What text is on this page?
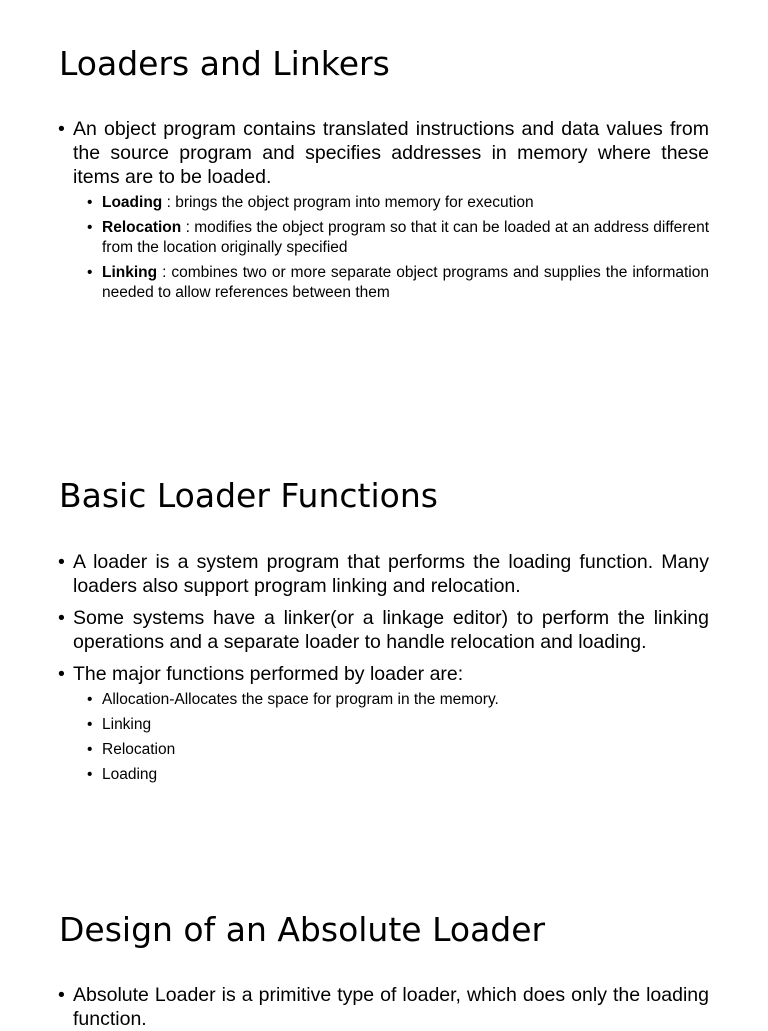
Loaders and Linkers
• An object program contains translated instructions and data values from the source program and specifies addresses in memory where these items are to be loaded.
• Loading : brings the object program into memory for execution
• Relocation : modifies the object program so that it can be loaded at an address different from the location originally specified
• Linking : combines two or more separate object programs and supplies the information needed to allow references between them
Basic Loader Functions
• A loader is a system program that performs the loading function. Many loaders also support program linking and relocation.
• Some systems have a linker(or a linkage editor) to perform the linking operations and a separate loader to handle relocation and loading.
• The major functions performed by loader are:
• Allocation-Allocates the space for program in the memory.
• Linking
• Relocation
• Loading
Design of an Absolute Loader
• Absolute Loader is a primitive type of loader, which does only the loading function.
